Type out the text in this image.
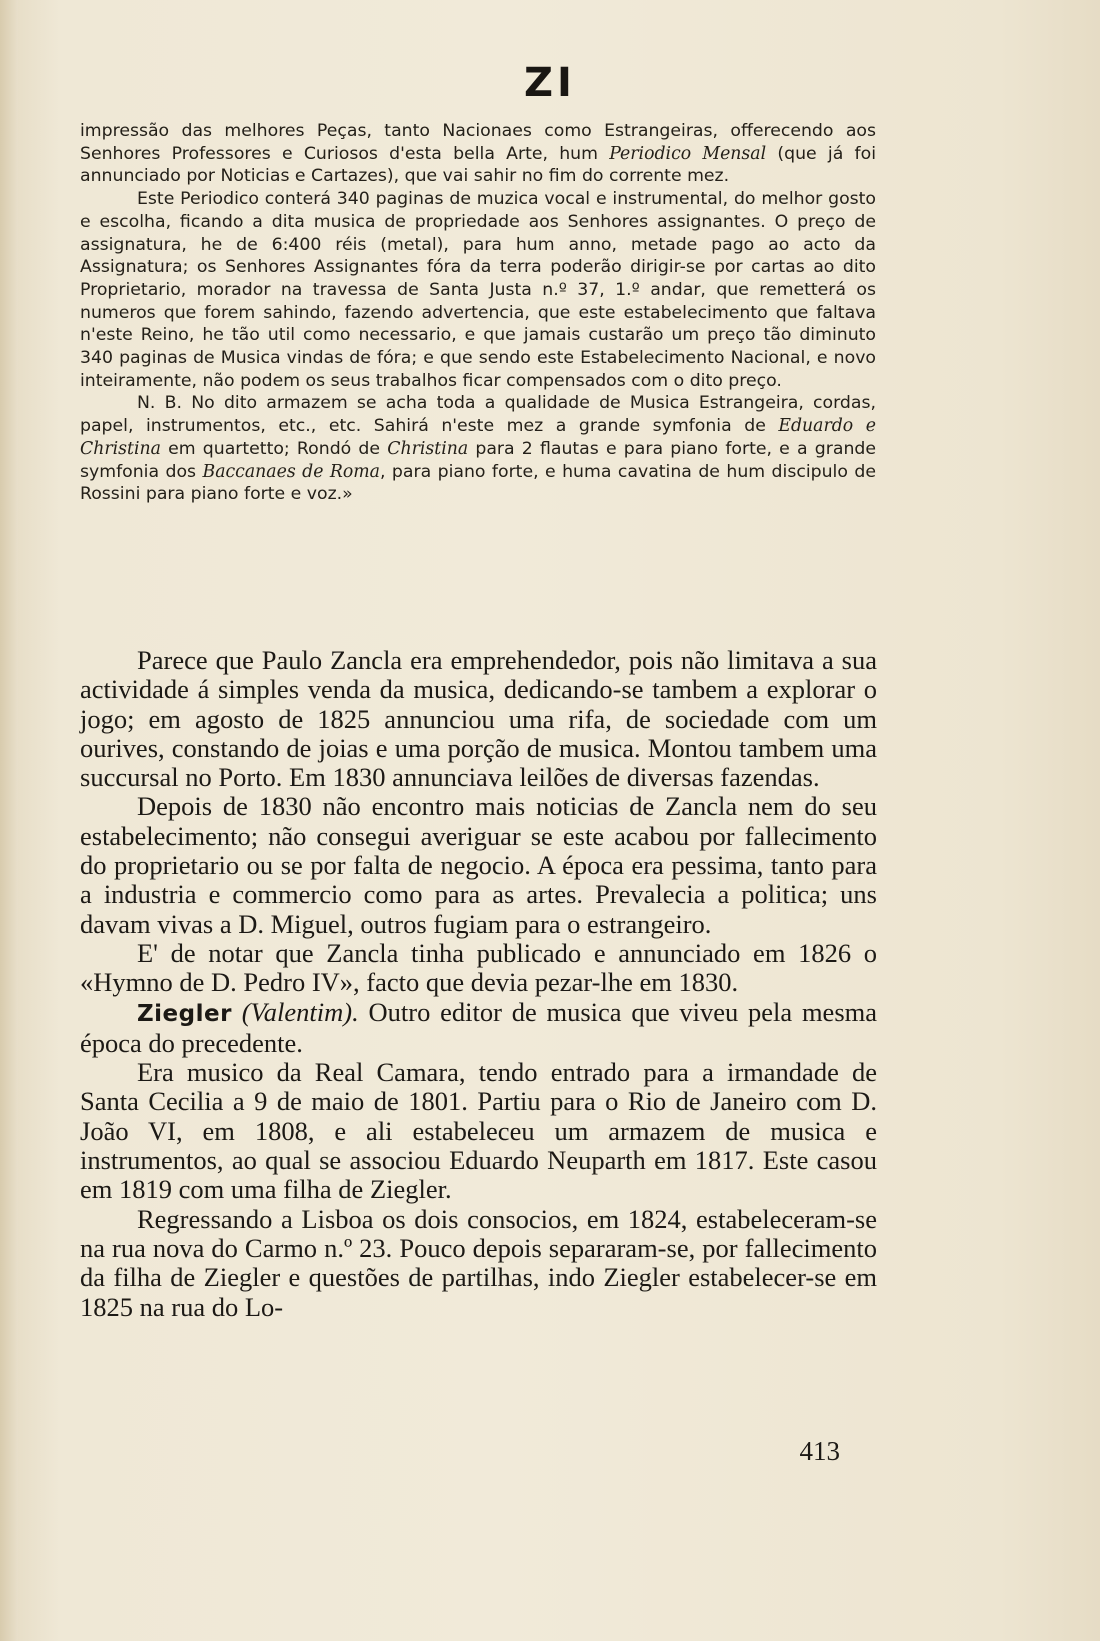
ZI

impressão das melhores Peças, tanto Nacionaes como Estrangeiras, offerecendo aos Senhores Professores e Curiosos d'esta bella Arte, hum Periodico Mensal (que já foi annunciado por Noticias e Cartazes), que vai sahir no fim do corrente mez.

Este Periodico conterá 340 paginas de muzica vocal e instrumental, do melhor gosto e escolha, ficando a dita musica de propriedade aos Senhores assignantes. O preço de assignatura, he de 6:400 réis (metal), para hum anno, metade pago ao acto da Assignatura; os Senhores Assignantes fóra da terra poderão dirigir-se por cartas ao dito Proprietario, morador na travessa de Santa Justa n.º 37, 1.º andar, que remetterá os numeros que forem sahindo, fazendo advertencia, que este estabelecimento que faltava n'este Reino, he tão util como necessario, e que jamais custarão um preço tão diminuto 340 paginas de Musica vindas de fóra; e que sendo este Estabelecimento Nacional, e novo inteiramente, não podem os seus trabalhos ficar compensados com o dito preço.

N. B. No dito armazem se acha toda a qualidade de Musica Estrangeira, cordas, papel, instrumentos, etc., etc. Sahirá n'este mez a grande symfonia de Eduardo e Christina em quartetto; Rondó de Christina para 2 flautas e para piano forte, e a grande symfonia dos Baccanaes de Roma, para piano forte, e huma cavatina de hum discipulo de Rossini para piano forte e voz.»

Parece que Paulo Zancla era emprehendedor, pois não limitava a sua actividade á simples venda da musica, dedicando-se tambem a explorar o jogo; em agosto de 1825 annunciou uma rifa, de sociedade com um ourives, constando de joias e uma porção de musica. Montou tambem uma succursal no Porto. Em 1830 annunciava leilões de diversas fazendas.

Depois de 1830 não encontro mais noticias de Zancla nem do seu estabelecimento; não consegui averiguar se este acabou por fallecimento do proprietario ou se por falta de negocio. A época era pessima, tanto para a industria e commercio como para as artes. Prevalecia a politica; uns davam vivas a D. Miguel, outros fugiam para o estrangeiro.

E' de notar que Zancla tinha publicado e annunciado em 1826 o «Hymno de D. Pedro IV», facto que devia pezar-lhe em 1830.

Ziegler (Valentim). Outro editor de musica que viveu pela mesma época do precedente.

Era musico da Real Camara, tendo entrado para a irmandade de Santa Cecilia a 9 de maio de 1801. Partiu para o Rio de Janeiro com D. João VI, em 1808, e ali estabeleceu um armazem de musica e instrumentos, ao qual se associou Eduardo Neuparth em 1817. Este casou em 1819 com uma filha de Ziegler.

Regressando a Lisboa os dois consocios, em 1824, estabeleceram-se na rua nova do Carmo n.º 23. Pouco depois separaram-se, por fallecimento da filha de Ziegler e questões de partilhas, indo Ziegler estabelecer-se em 1825 na rua do Lo-

413
